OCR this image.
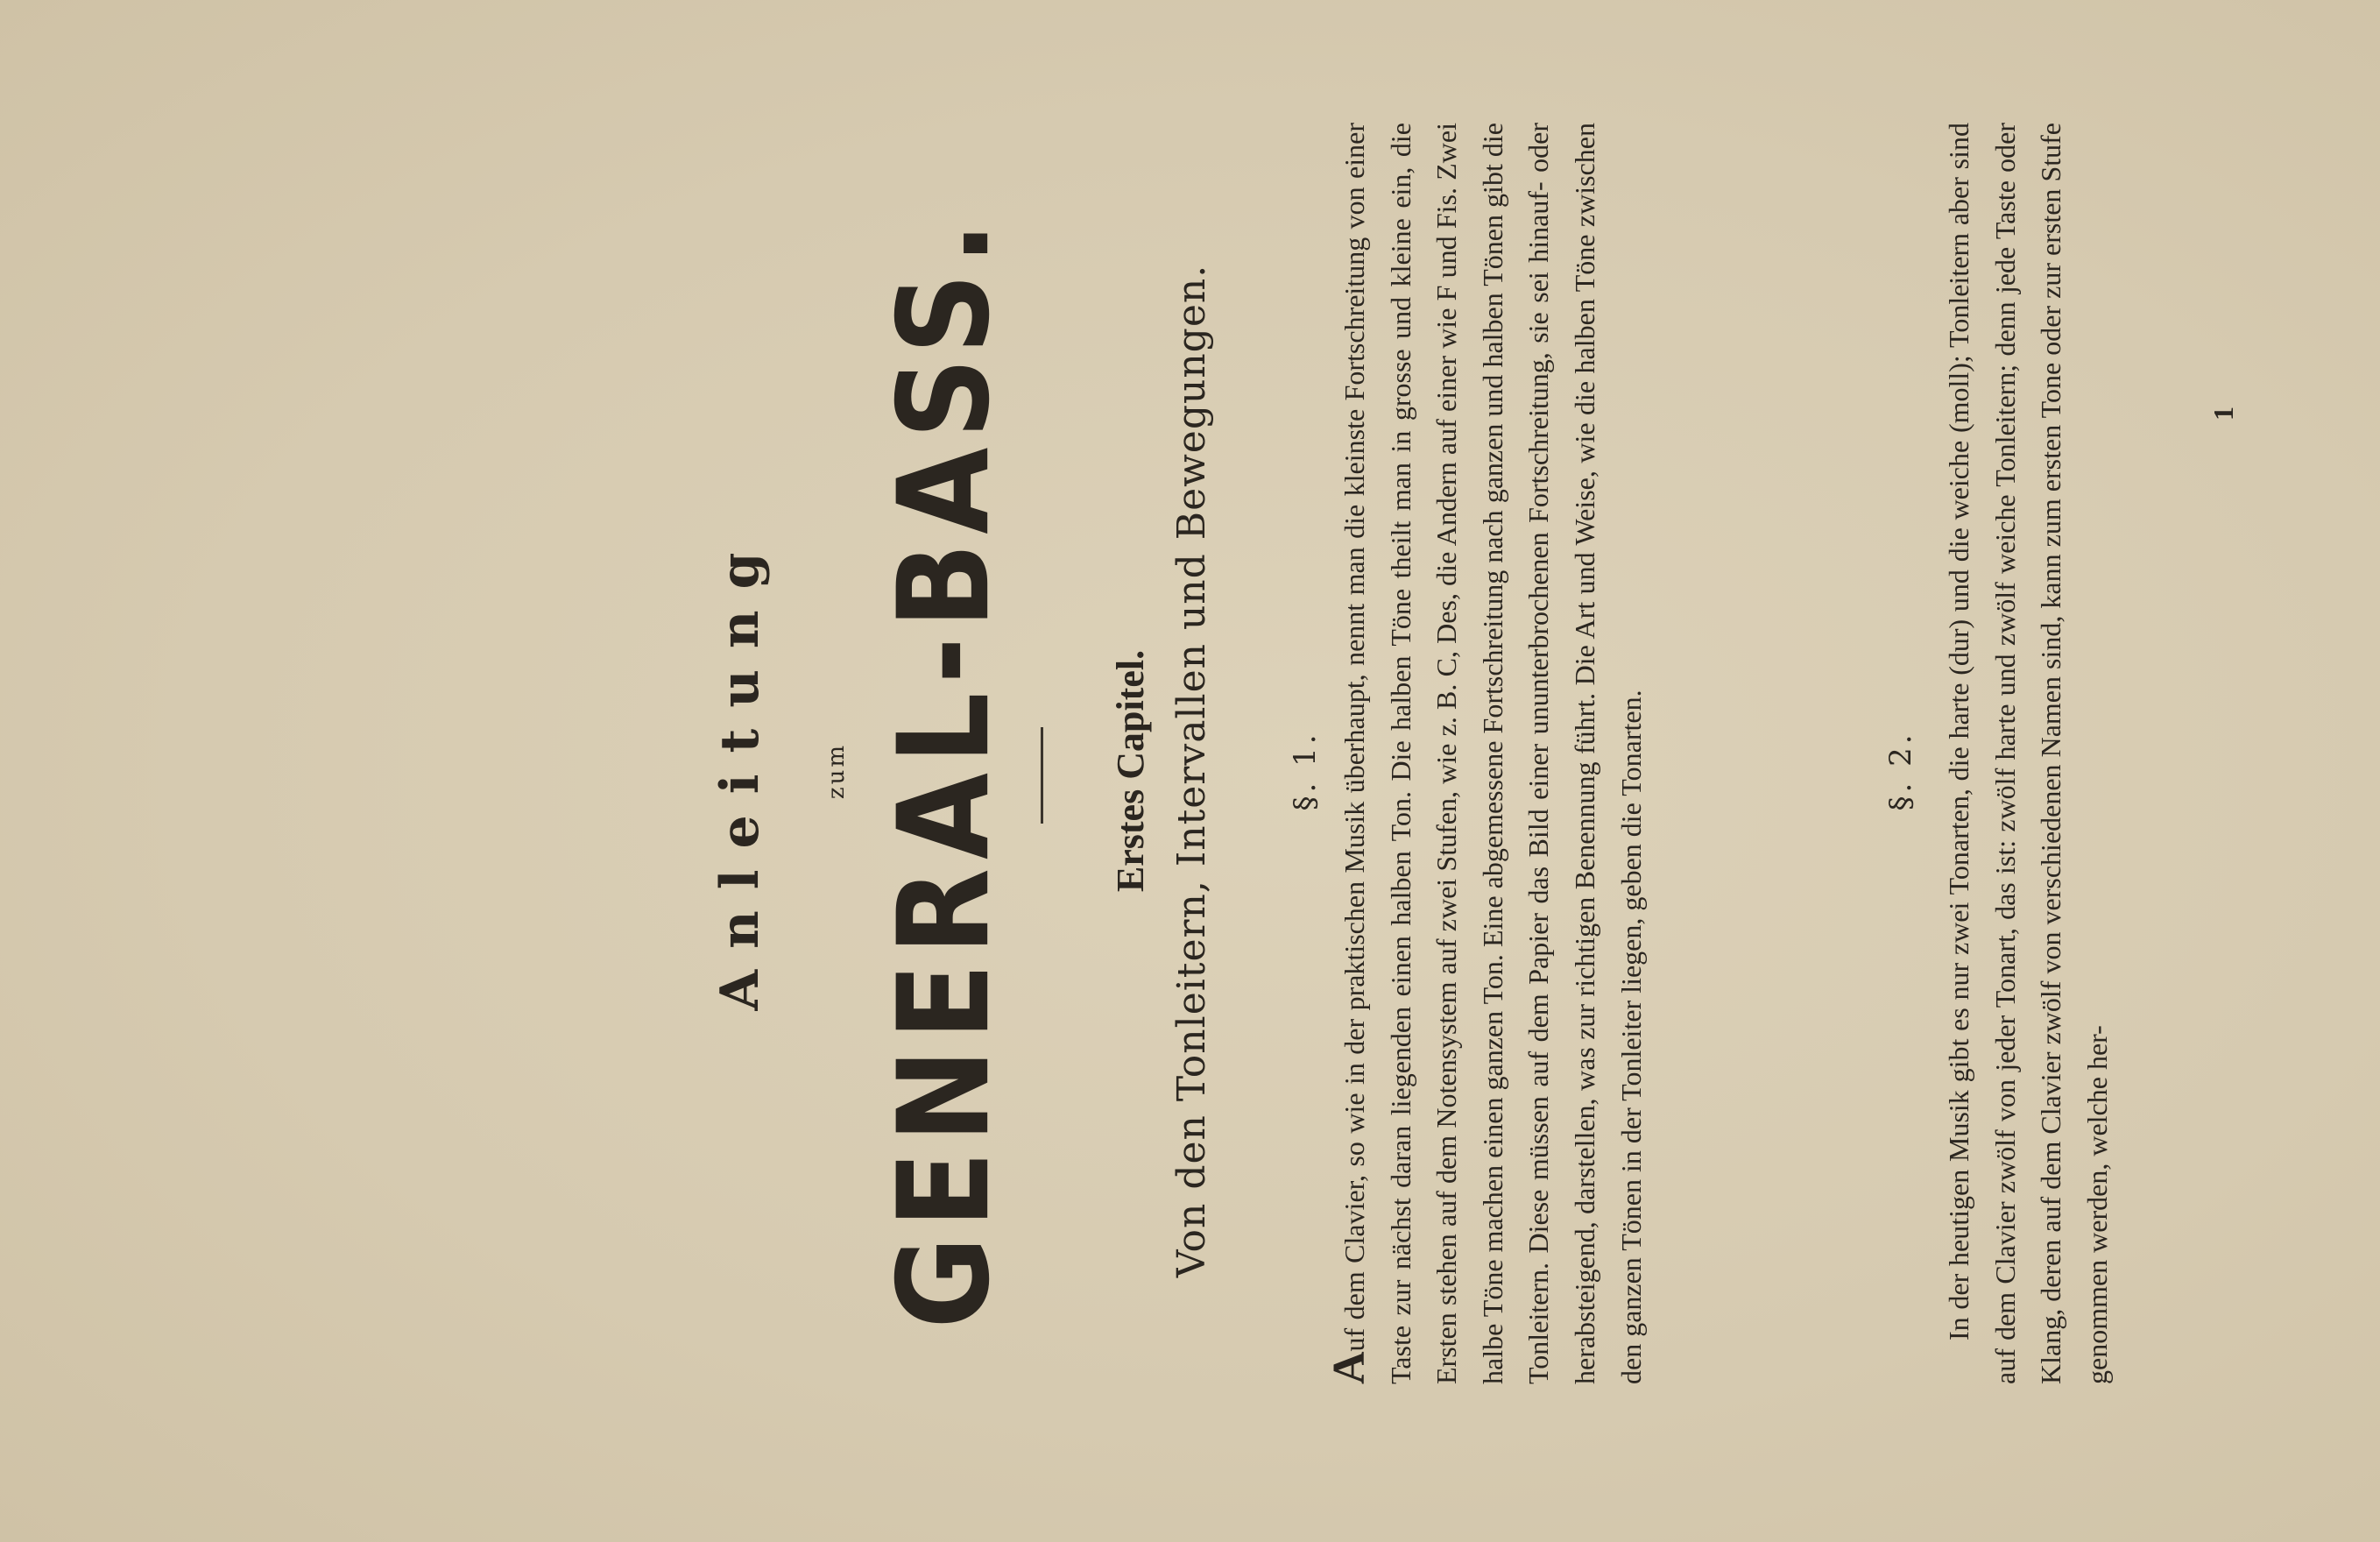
Anleitung zum GENERAL-BASS. Erstes Capitel. Von den Tonleitern, Intervallen und Bewegungen. §. 1.
Auf dem Clavier, so wie in der praktischen Musik überhaupt, nennt man die kleinste Fortschreitung von einer Taste zur nächst daran liegenden einen halben Ton. Die halben Töne theilt man in grosse und kleine ein, die Ersten stehen auf dem Notensystem auf zwei Stufen, wie z. B. C, Des, die Andern auf einer wie F und Fis. Zwei halbe Töne machen einen ganzen Ton. Eine abgemessene Fortschreitung nach ganzen und halben Tönen gibt die Tonleitern. Diese müssen auf dem Papier das Bild einer ununterbrochenen Fortschreitung, sie sei hinauf- oder herabsteigend, darstellen, was zur richtigen Benennung führt. Die Art und Weise, wie die halben Töne zwischen den ganzen Tönen in der Tonleiter liegen, geben die Tonarten.	§. 2. In der heutigen Musik gibt es nur zwei Tonarten, die harte (dur) und die weiche (moll); Tonleitern aber sind auf dem Clavier zwölf von jeder Tonart, das ist: zwölf harte und zwölf weiche Tonleitern; denn jede Taste oder Klang, deren auf dem Clavier zwölf von verschiedenen Namen sind, kann zum ersten Tone oder zur ersten Stufe genommen werden, welche her-
1
